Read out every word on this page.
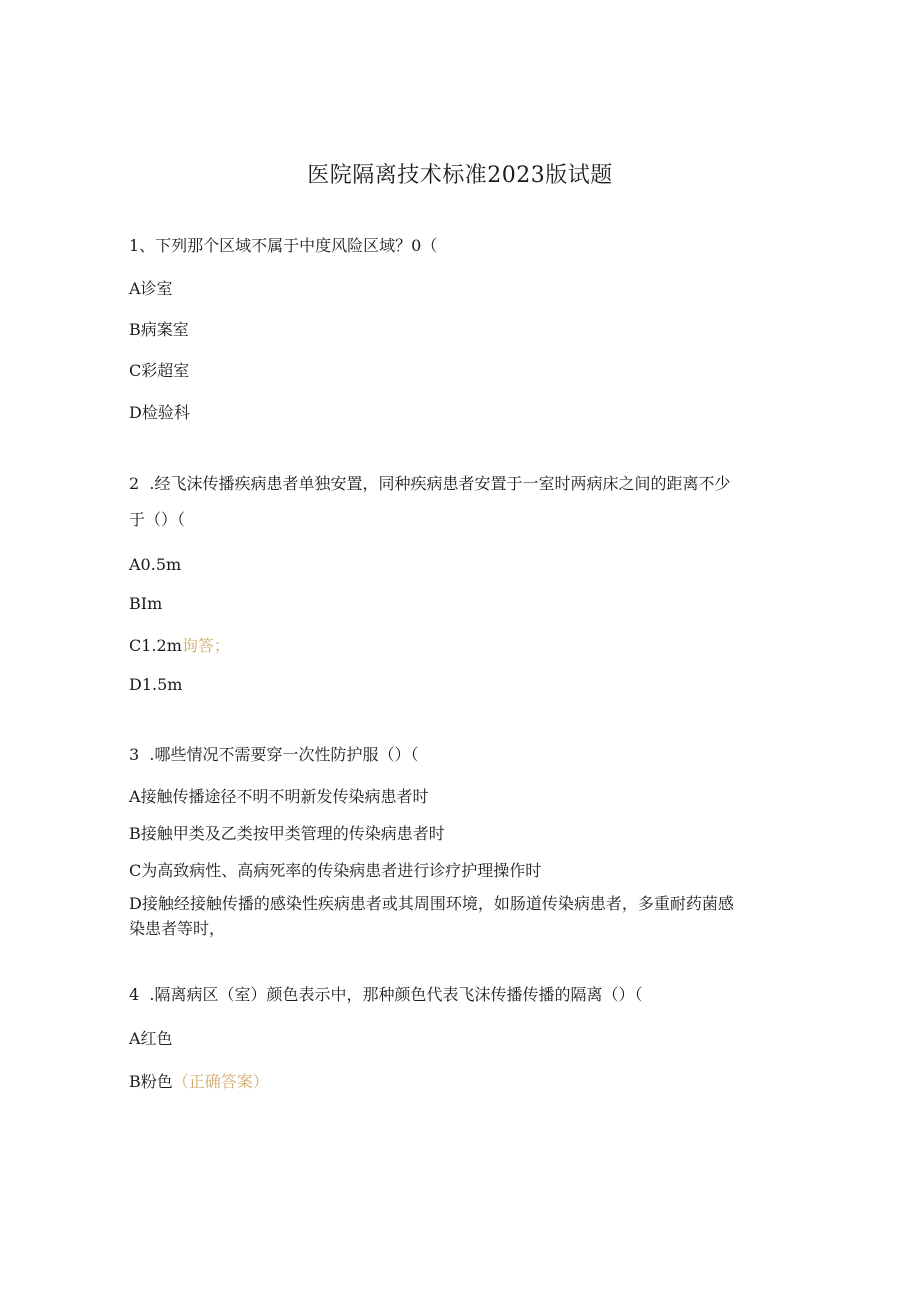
医院隔离技术标准2023版试题
1、下列那个区域不属于中度风险区域？0（
A诊室
B病案室
C彩超室
D检验科
2  .经飞沫传播疾病患者单独安置，同种疾病患者安置于一室时两病床之间的距离不少
于（）（
A0.5m
BIm
C1.2m询答；
D1.5m
3  .哪些情况不需要穿一次性防护服（）（
A接触传播途径不明不明新发传染病患者时
B接触甲类及乙类按甲类管理的传染病患者时
C为高致病性、高病死率的传染病患者进行诊疗护理操作时
D接触经接触传播的感染性疾病患者或其周围环境，如肠道传染病患者，多重耐药菌感
染患者等时，
4  .隔离病区（室）颜色表示中，那种颜色代表飞沫传播传播的隔离（）（
A红色
B粉色（正确答案）
